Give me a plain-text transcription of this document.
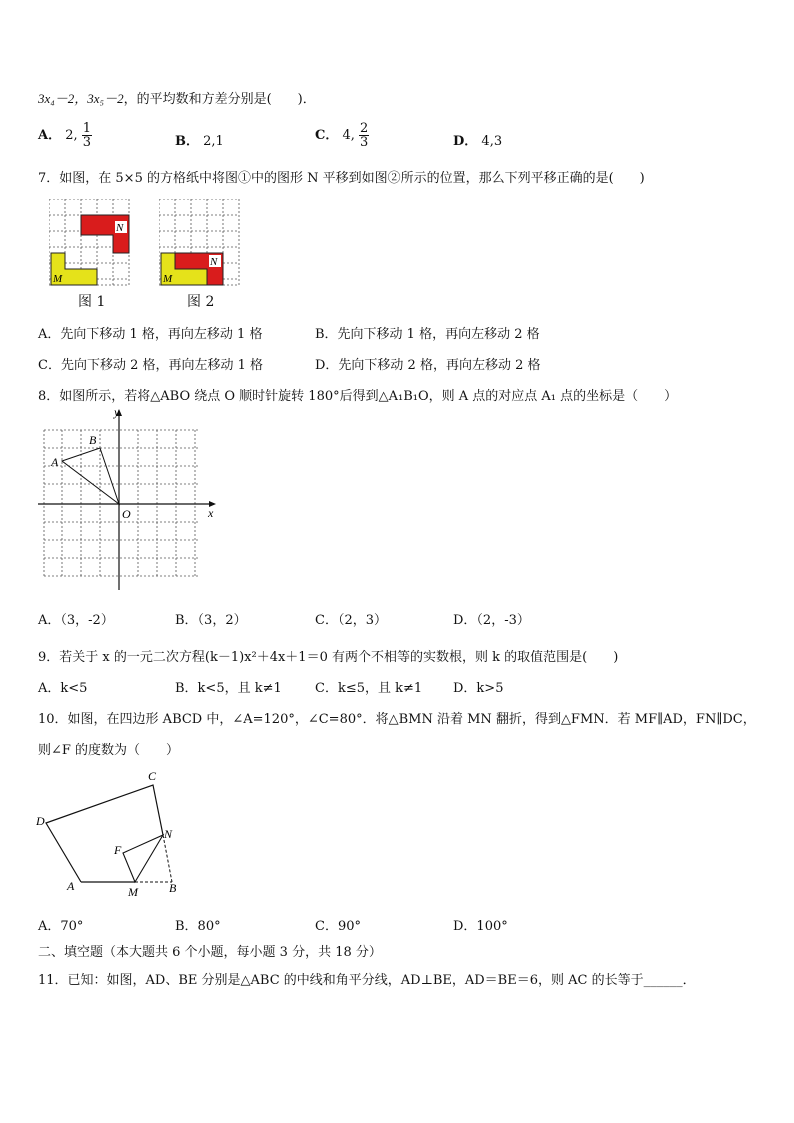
3x₄－2，3x₅－2，的平均数和方差分别是(　　)．
A． 2, $\frac{1}{3}$	B． 2,1	C． 4, $\frac{2}{3}$	D． 4,3
7．如图，在 5×5 的方格纸中将图①中的图形 N 平移到如图②所示的位置，那么下列平移正确的是(　　)
N
M
图 1
N
M
图 2
A．先向下移动 1 格，再向左移动 1 格	B．先向下移动 1 格，再向左移动 2 格
C．先向下移动 2 格，再向左移动 1 格	D．先向下移动 2 格，再向左移动 2 格
8．如图所示，若将△ABO 绕点 O 顺时针旋转 180°后得到△A₁B₁O，则 A 点的对应点 A₁ 点的坐标是（　　）
y
x
O
A
B
A．（3，-2）	B．（3，2）	C．（2，3）	D．（2，-3）
9．若关于 x 的一元二次方程(k－1)x²＋4x＋1＝0 有两个不相等的实数根，则 k 的取值范围是(　　)
A．k<5	B．k<5，且 k≠1	C．k≤5，且 k≠1 D．k>5
10．如图，在四边形 ABCD 中，∠A=120°，∠C=80°．将△BMN 沿着 MN 翻折，得到△FMN．若 MF∥AD，FN∥DC，
则∠F 的度数为（　　）
C
D
A	B
M
N
F
A．70°	B．80°	C．90°	D．100°
二、填空题（本大题共 6 个小题，每小题 3 分，共 18 分）
11．已知：如图，AD、BE 分别是△ABC 的中线和角平分线，AD⊥BE，AD＝BE＝6，则 AC 的长等于______．
